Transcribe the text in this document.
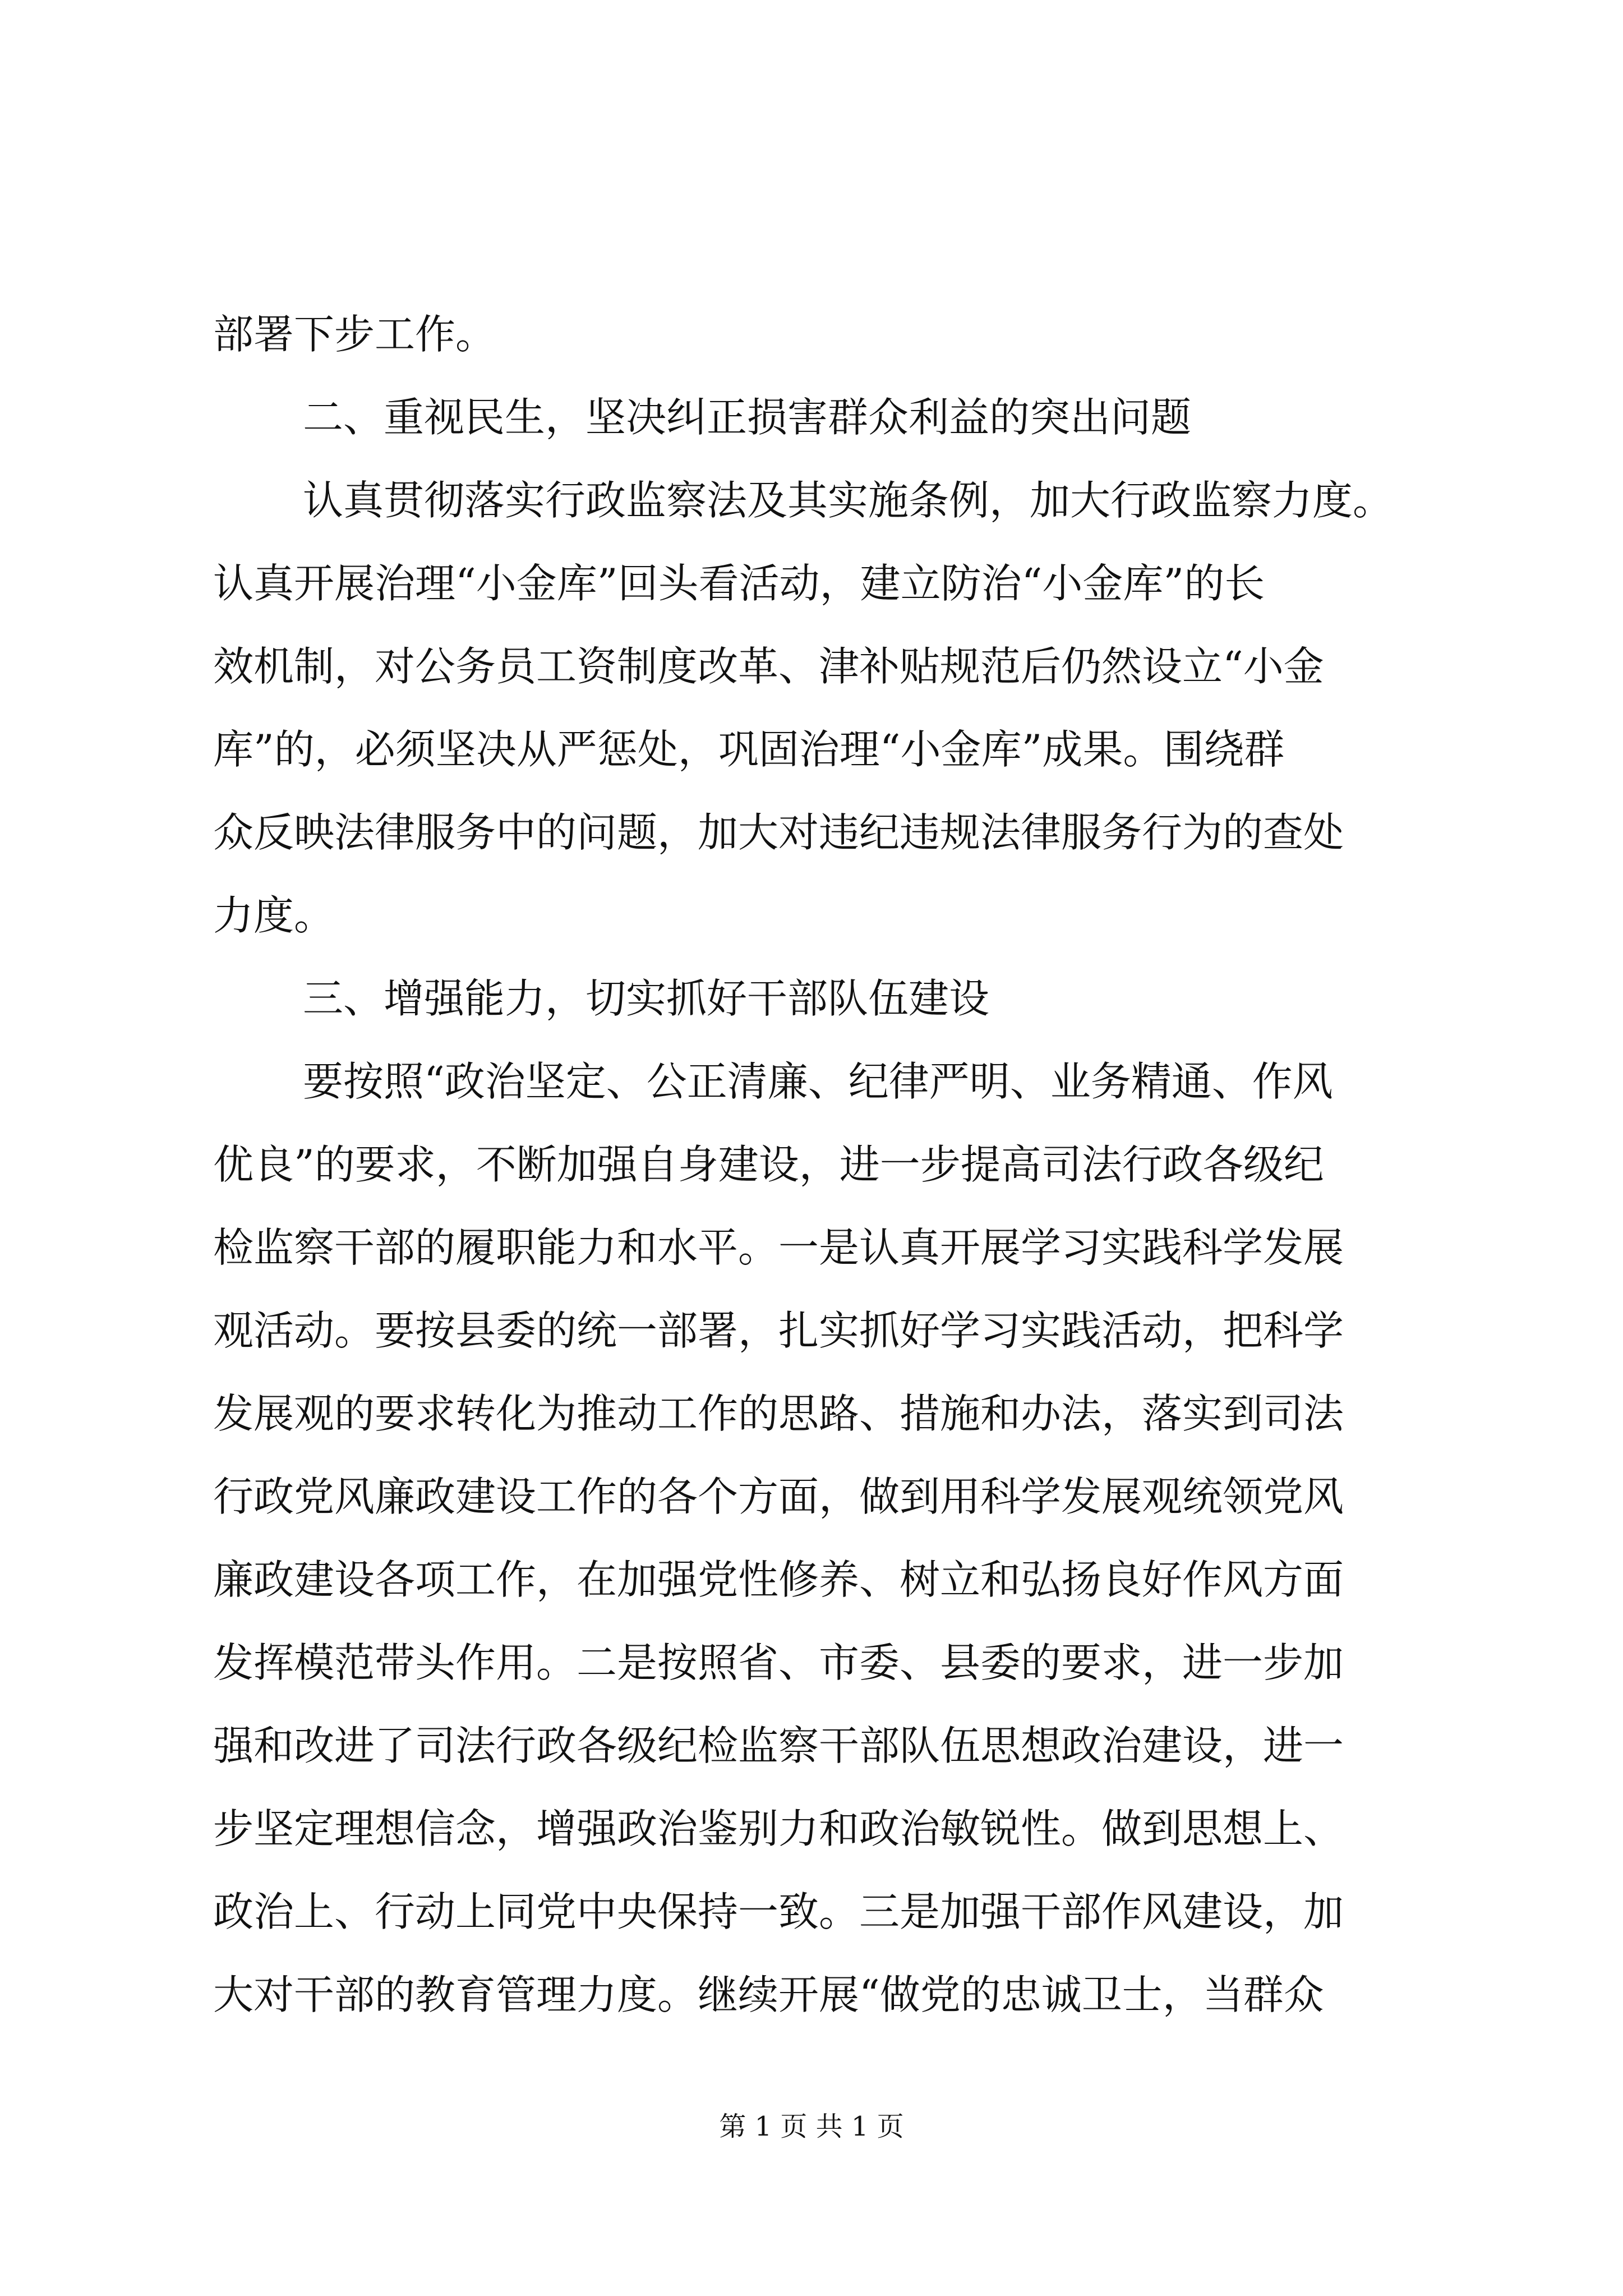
部署下步工作。
二、重视民生，坚决纠正损害群众利益的突出问题
认真贯彻落实行政监察法及其实施条例，加大行政监察力度。
认真开展治理“小金库”回头看活动，建立防治“小金库”的长
效机制，对公务员工资制度改革、津补贴规范后仍然设立“小金
库”的，必须坚决从严惩处，巩固治理“小金库”成果。围绕群
众反映法律服务中的问题，加大对违纪违规法律服务行为的查处
力度。
三、增强能力，切实抓好干部队伍建设
要按照“政治坚定、公正清廉、纪律严明、业务精通、作风
优良”的要求，不断加强自身建设，进一步提高司法行政各级纪
检监察干部的履职能力和水平。一是认真开展学习实践科学发展
观活动。要按县委的统一部署，扎实抓好学习实践活动，把科学
发展观的要求转化为推动工作的思路、措施和办法，落实到司法
行政党风廉政建设工作的各个方面，做到用科学发展观统领党风
廉政建设各项工作，在加强党性修养、树立和弘扬良好作风方面
发挥模范带头作用。二是按照省、市委、县委的要求，进一步加
强和改进了司法行政各级纪检监察干部队伍思想政治建设，进一
步坚定理想信念，增强政治鉴别力和政治敏锐性。做到思想上、
政治上、行动上同党中央保持一致。三是加强干部作风建设，加
大对干部的教育管理力度。继续开展“做党的忠诚卫士，当群众
第 1 页 共 1 页
